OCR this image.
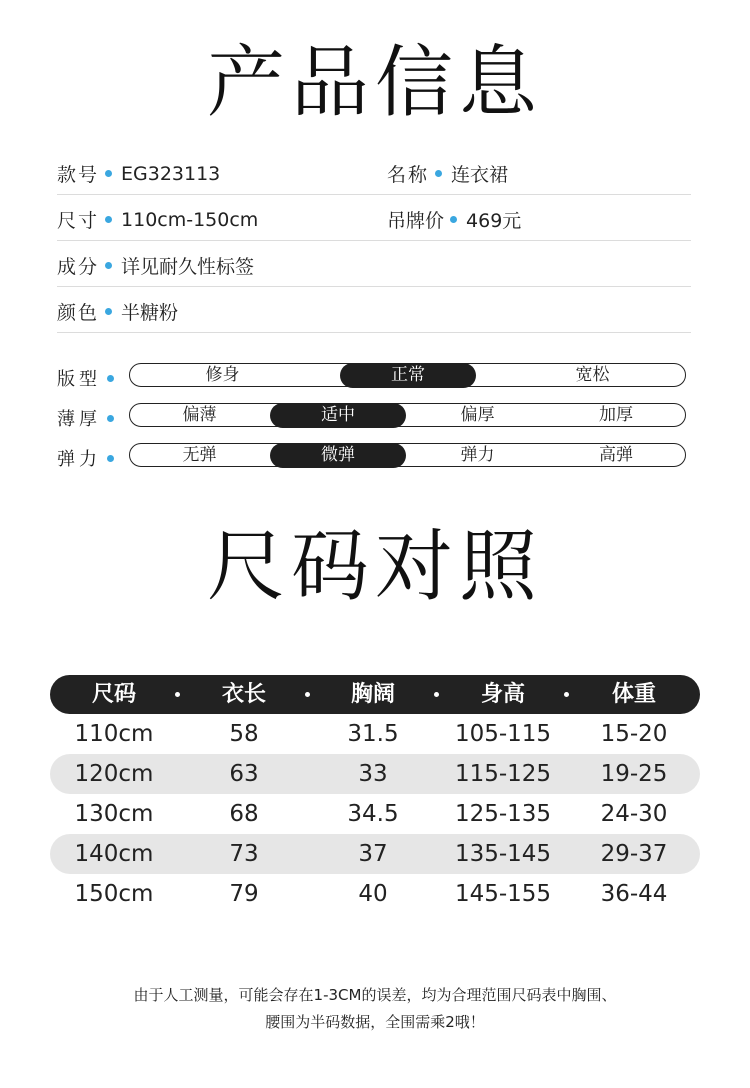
产品信息
款号 EG323113	名称 连衣裙
尺寸 110cm-150cm	吊牌价 469元
成分 详见耐久性标签
颜色 半糖粉
版型	修身	正常	宽松
薄厚	偏薄	适中	偏厚	加厚
弹力	无弹	微弹	弹力	高弹
尺码对照
尺码	衣长	胸阔	身高	体重
110cm	58	31.5	105-115	15-20
120cm	63	33	115-125	19-25
130cm	68	34.5	125-135	24-30
140cm	73	37	135-145	29-37
150cm	79	40	145-155	36-44
由于人工测量，可能会存在1-3CM的误差，均为合理范围尺码表中胸围、
腰围为半码数据，全围需乘2哦！
